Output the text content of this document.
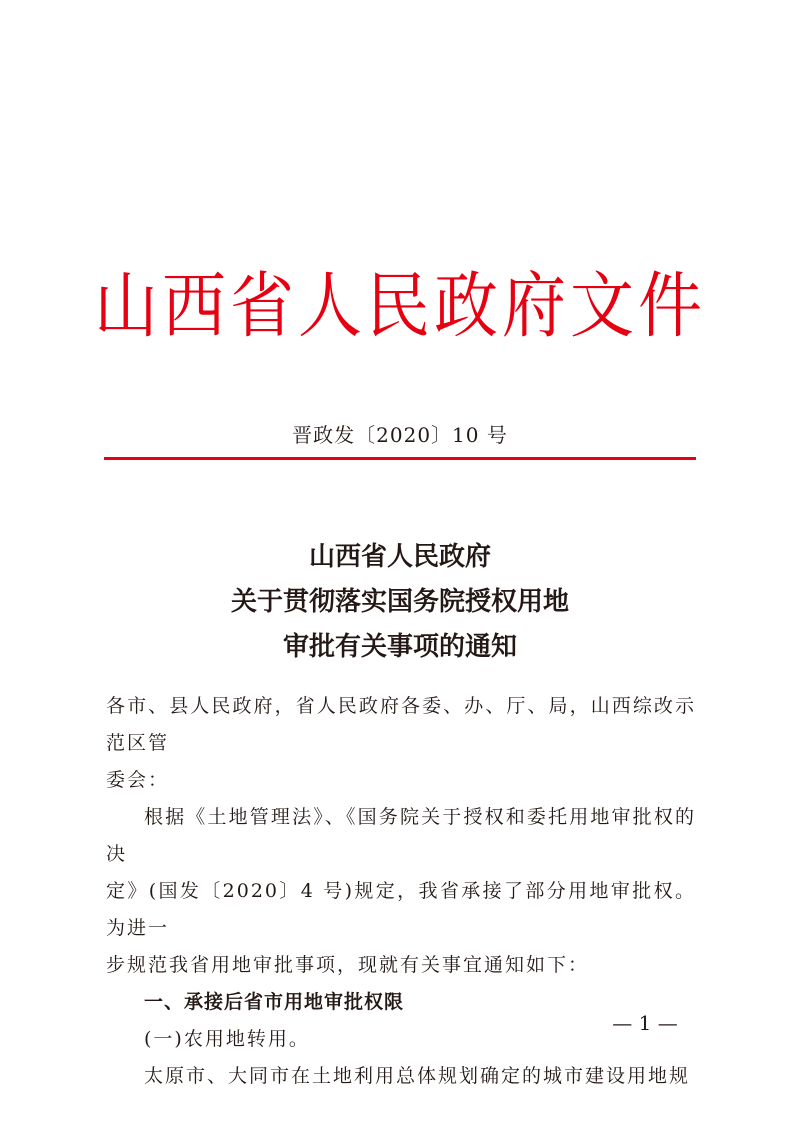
山西省人民政府文件
晋政发〔2020〕10 号
山西省人民政府
关于贯彻落实国务院授权用地
审批有关事项的通知

各市、县人民政府，省人民政府各委、办、厅、局，山西综改示范区管

委会：

根据《土地管理法》、《国务院关于授权和委托用地审批权的决

定》(国发〔2020〕4 号)规定，我省承接了部分用地审批权。为进一

步规范我省用地审批事项，现就有关事宜通知如下：

一、承接后省市用地审批权限

(一)农用地转用。

太原市、大同市在土地利用总体规划确定的城市建设用地规

— 1 —
